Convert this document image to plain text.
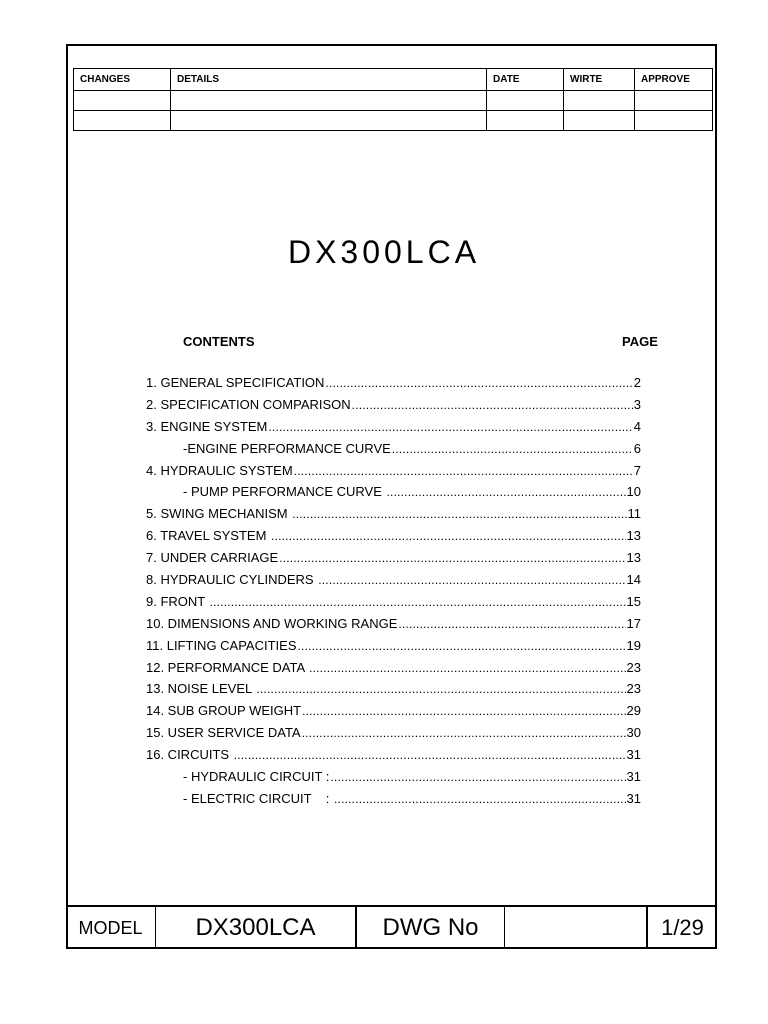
CHANGES	DETAILS	DATE	WIRTE	APPROVE

DX300LCA
CONTENTS	PAGE
1. GENERAL SPECIFICATION .....	2
2. SPECIFICATION COMPARISON .....	3
3. ENGINE SYSTEM .....	4
-ENGINE PERFORMANCE CURVE .....	6
4. HYDRAULIC SYSTEM .....	7
- PUMP PERFORMANCE CURVE .....	10
5. SWING MECHANISM .....	11
6. TRAVEL SYSTEM .....	13
7. UNDER CARRIAGE .....	13
8. HYDRAULIC CYLINDERS .....	14
9. FRONT .....	15
10. DIMENSIONS AND WORKING RANGE .....	17
11. LIFTING CAPACITIES .....	19
12. PERFORMANCE DATA .....	23
13. NOISE LEVEL .....	23
14. SUB GROUP WEIGHT .....	29
15. USER SERVICE DATA .....	30
16. CIRCUITS .....	31
- HYDRAULIC CIRCUIT : .....	31
- ELECTRIC CIRCUIT    : .....	31
MODEL	DX300LCA	DWG No	1/29
